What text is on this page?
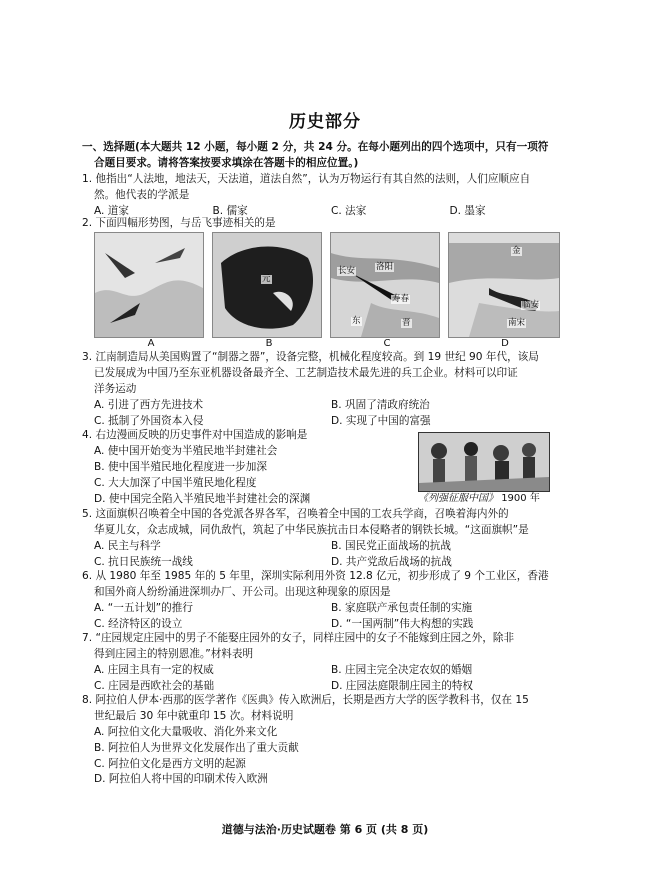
历史部分

一、选择题(本大题共 12 小题，每小题 2 分，共 24 分。在每小题列出的四个选项中，只有一项符

合题目要求。请将答案按要求填涂在答题卡的相应位置。)

1. 他指出“人法地，地法天，天法道，道法自然”，认为万物运行有其自然的法则，人们应顺应自

然。他代表的学派是

A. 道家	B. 儒家	C. 法家	D. 墨家

2. 下面四幅形势图，与岳飞事迹相关的是

元
长安 洛阳
寿春
东	晋
金
临安
南宋
A	B	C	D

3. 江南制造局从美国购置了“制器之器”，设备完整，机械化程度较高。到 19 世纪 90 年代，该局

已发展成为中国乃至东亚机器设备最齐全、工艺制造技术最先进的兵工企业。材料可以印证

洋务运动

A. 引进了西方先进技术	B. 巩固了清政府统治
C. 抵制了外国资本入侵	D. 实现了中国的富强

4. 右边漫画反映的历史事件对中国造成的影响是

A. 使中国开始变为半殖民地半封建社会

B. 使中国半殖民地化程度进一步加深

C. 大大加深了中国半殖民地化程度

D. 使中国完全陷入半殖民地半封建社会的深渊	《列强征服中国》 1900 年

5. 这面旗帜召唤着全中国的各党派各界各军，召唤着全中国的工农兵学商，召唤着海内外的

华夏儿女，众志成城，同仇敌忾，筑起了中华民族抗击日本侵略者的钢铁长城。“这面旗帜”是

A. 民主与科学	B. 国民党正面战场的抗战
C. 抗日民族统一战线	D. 共产党敌后战场的抗战

6. 从 1980 年至 1985 年的 5 年里，深圳实际利用外资 12.8 亿元，初步形成了 9 个工业区，香港

和国外商人纷纷涌进深圳办厂、开公司。出现这种现象的原因是

A. “一五计划”的推行	B. 家庭联产承包责任制的实施
C. 经济特区的设立	D. “一国两制”伟大构想的实践

7. “庄园规定庄园中的男子不能娶庄园外的女子，同样庄园中的女子不能嫁到庄园之外，除非

得到庄园主的特别恩准。”材料表明

A. 庄园主具有一定的权威	B. 庄园主完全决定农奴的婚姻
C. 庄园是西欧社会的基础	D. 庄园法庭限制庄园主的特权

8. 阿拉伯人伊本·西那的医学著作《医典》传入欧洲后，长期是西方大学的医学教科书，仅在 15

世纪最后 30 年中就重印 15 次。材料说明

A. 阿拉伯文化大量吸收、消化外来文化

B. 阿拉伯人为世界文化发展作出了重大贡献

C. 阿拉伯文化是西方文明的起源

D. 阿拉伯人将中国的印刷术传入欧洲

道德与法治·历史试题卷 第 6 页 (共 8 页)
